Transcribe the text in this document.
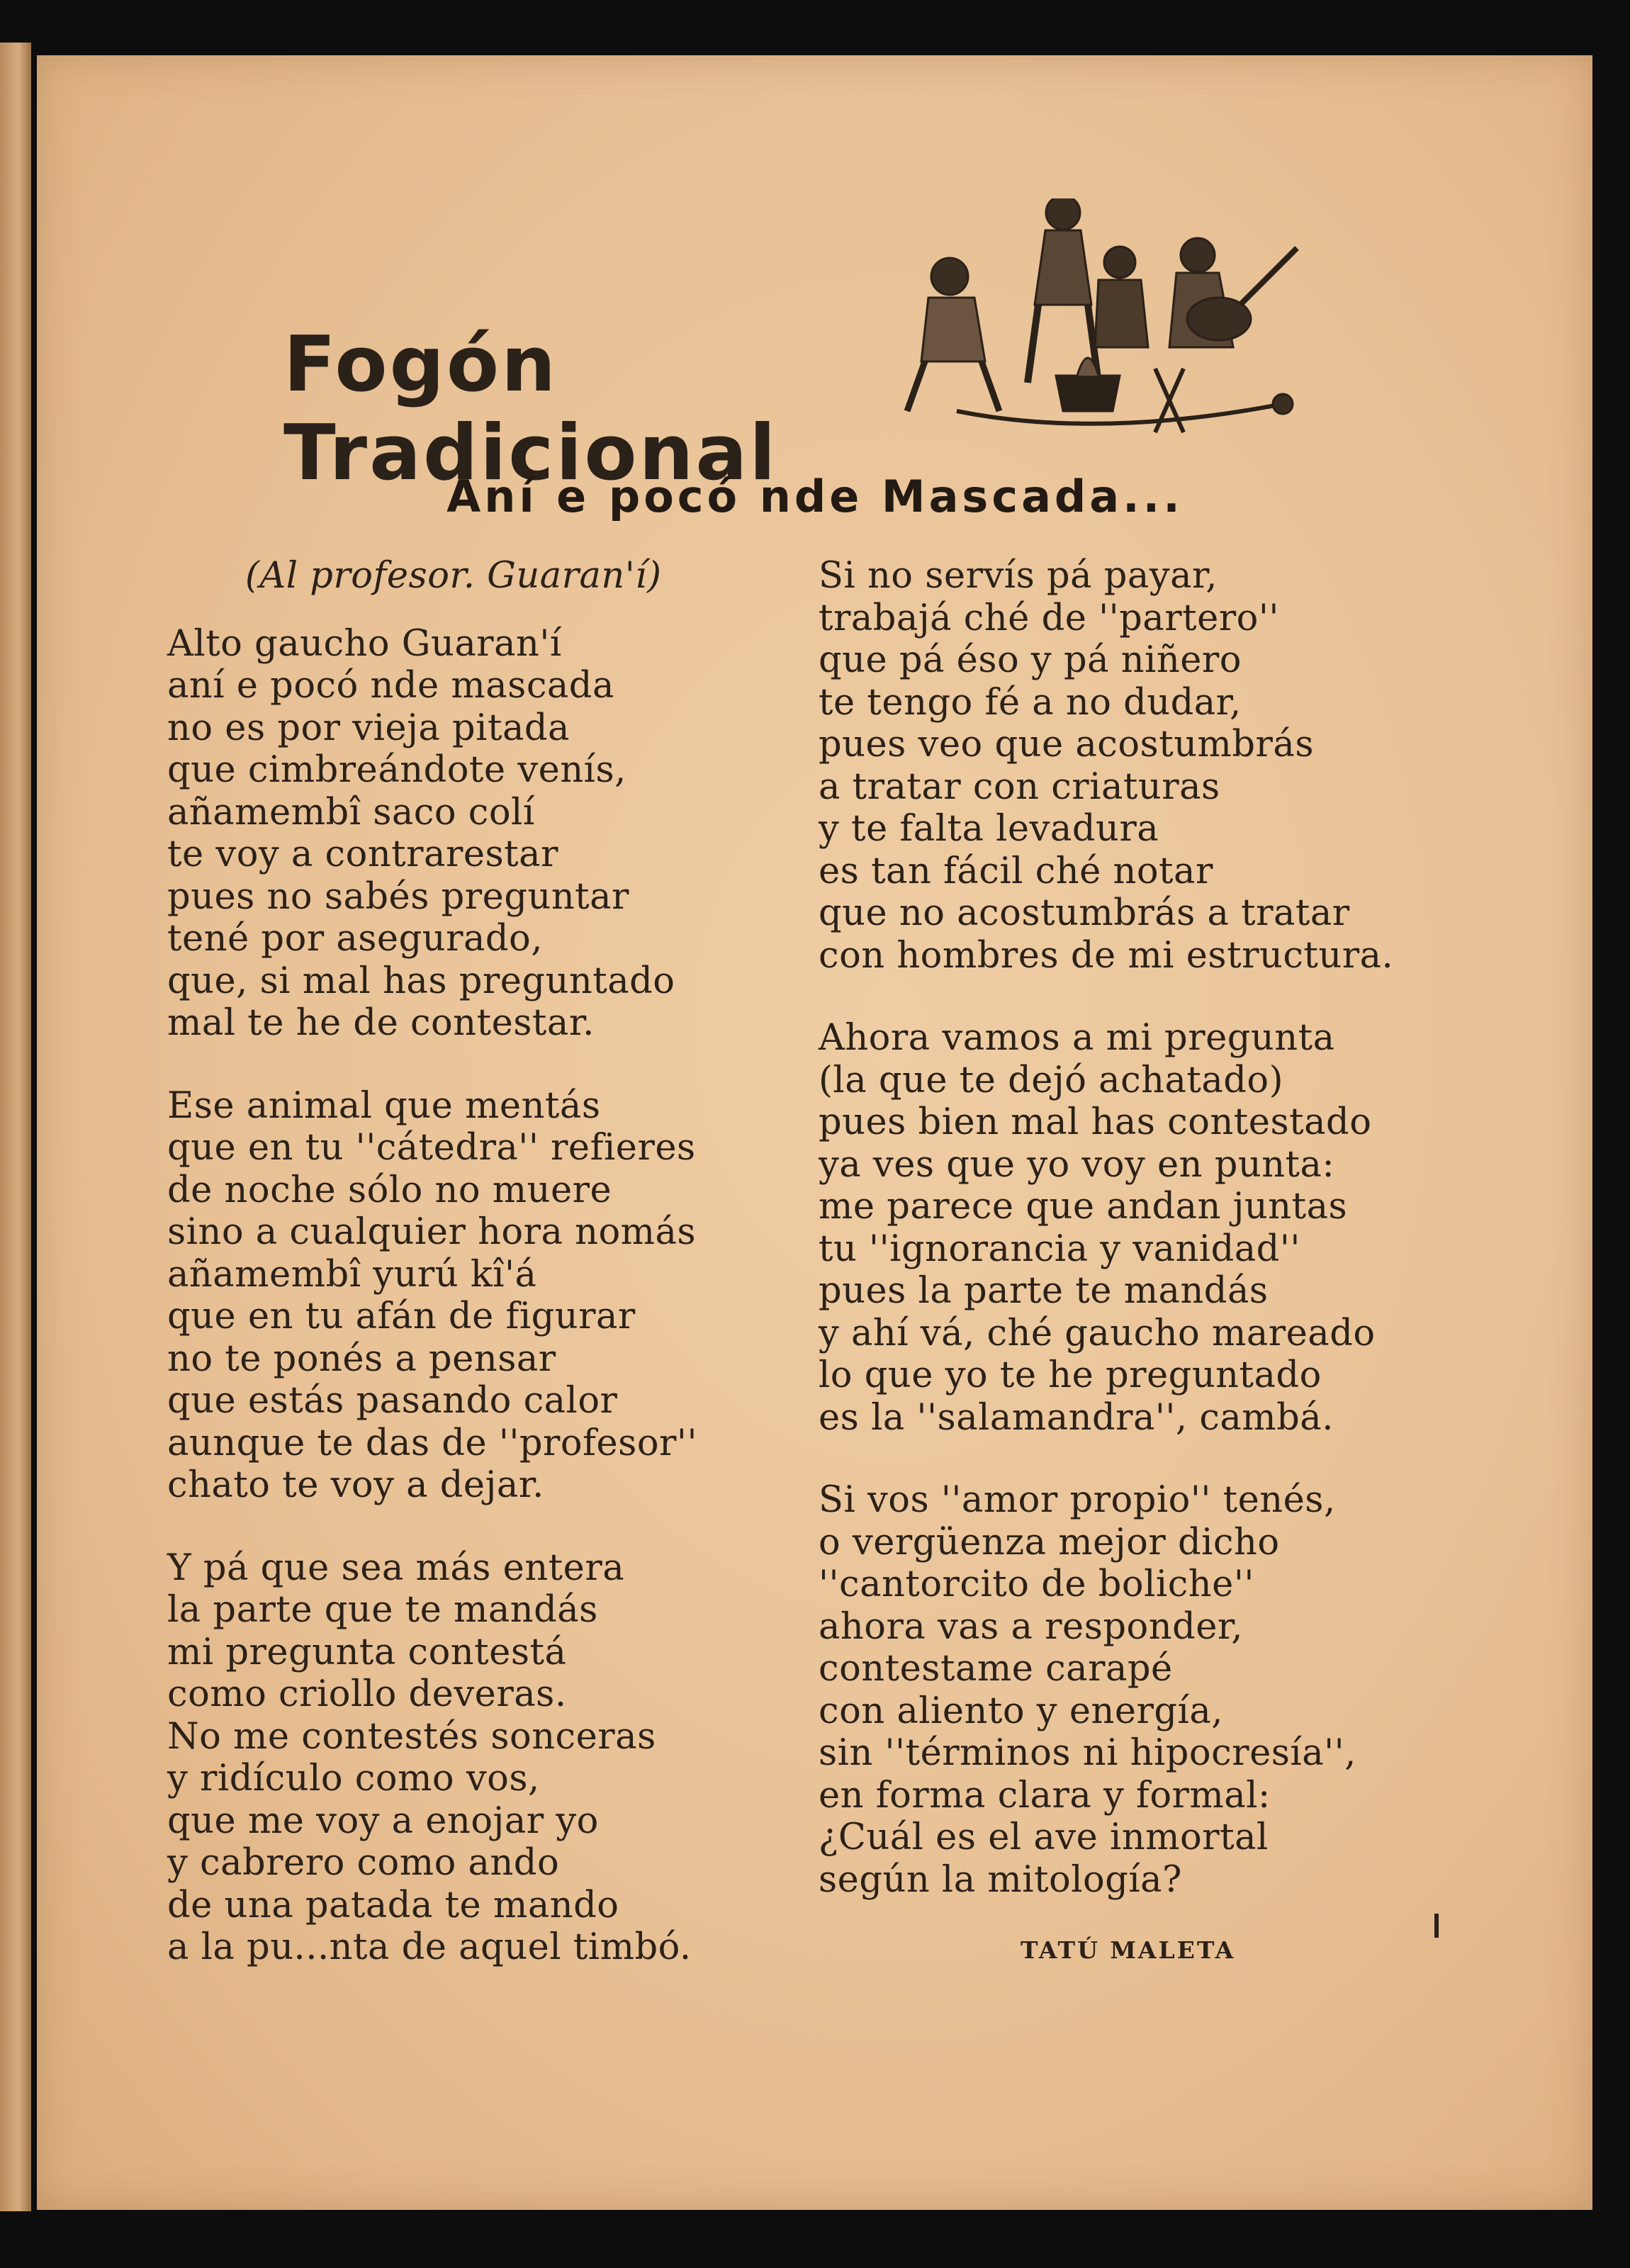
Fogón Tradicional
Aní e pocó nde Mascada...
(Al profesor. Guaran'í)
Alto gaucho Guaran'í
aní e pocó nde mascada
no es por vieja pitada
que cimbreándote venís,
añamembî saco colí
te voy a contrarestar
pues no sabés preguntar
tené por asegurado,
que, si mal has preguntado
mal te he de contestar.
Ese animal que mentás
que en tu ''cátedra'' refieres
de noche sólo no muere
sino a cualquier hora nomás
añamembî yurú kî'á
que en tu afán de figurar
no te ponés a pensar
que estás pasando calor
aunque te das de ''profesor''
chato te voy a dejar.
Y pá que sea más entera
la parte que te mandás
mi pregunta contestá
como criollo deveras.
No me contestés sonceras
y ridículo como vos,
que me voy a enojar yo
y cabrero como ando
de una patada te mando
a la pu...nta de aquel timbó.
Si no servís pá payar,
trabajá ché de ''partero''
que pá éso y pá niñero
te tengo fé a no dudar,
pues veo que acostumbrás
a tratar con criaturas
y te falta levadura
es tan fácil ché notar
que no acostumbrás a tratar
con hombres de mi estructura.
Ahora vamos a mi pregunta
(la que te dejó achatado)
pues bien mal has contestado
ya ves que yo voy en punta:
me parece que andan juntas
tu ''ignorancia y vanidad''
pues la parte te mandás
y ahí vá, ché gaucho mareado
lo que yo te he preguntado
es la ''salamandra'', cambá.
Si vos ''amor propio'' tenés,
o vergüenza mejor dicho
''cantorcito de boliche''
ahora vas a responder,
contestame carapé
con aliento y energía,
sin ''términos ni hipocresía'',
en forma clara y formal:
¿Cuál es el ave inmortal
según la mitología?
TATÚ MALETA
